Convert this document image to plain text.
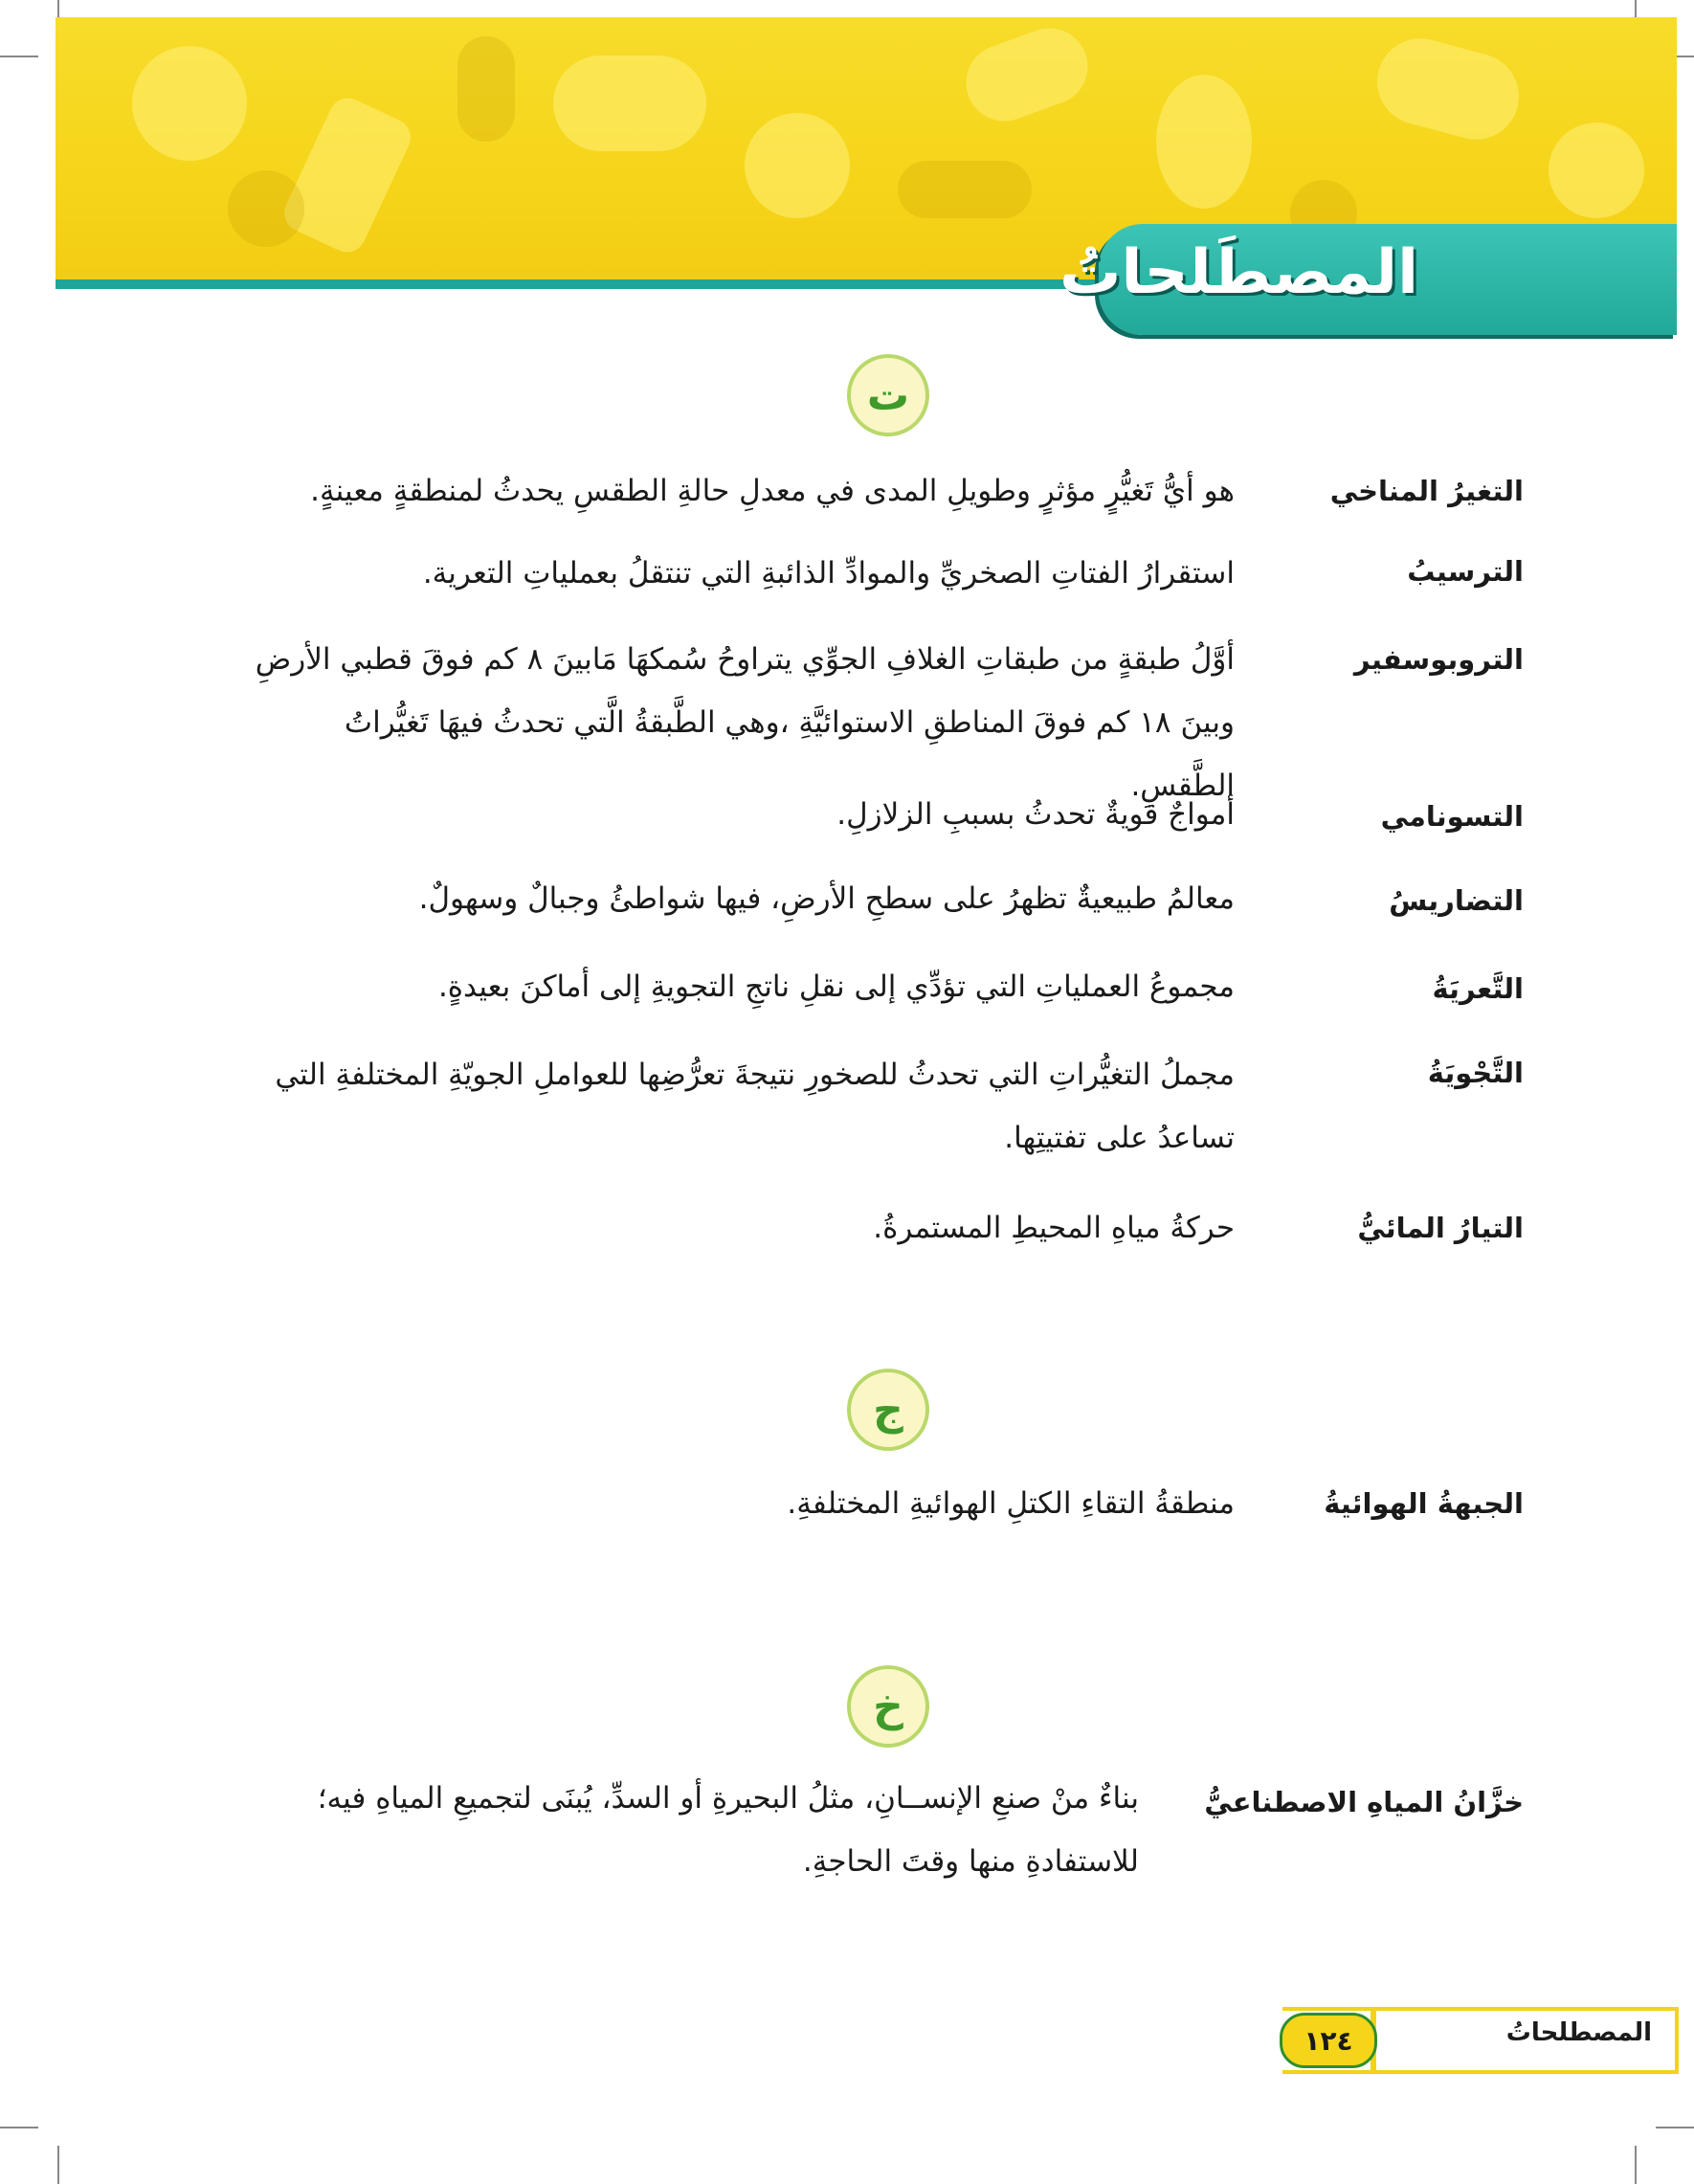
المصطَلحاتُ
ت
التغيرُ المناخي
هو أيُّ تَغيُّرٍ مؤثرٍ وطويلِ المدى في معدلِ حالةِ الطقسِ يحدثُ لمنطقةٍ معينةٍ.
الترسيبُ
استقرارُ الفتاتِ الصخريِّ والموادِّ الذائبةِ التي تنتقلُ بعملياتِ التعرية.
التروبوسفير
أوَّلُ طبقةٍ من طبقاتِ الغلافِ الجوِّي يتراوحُ سُمكهَا مَابينَ ٨ كم فوقَ قطبي الأرضِ وبينَ ١٨ كم فوقَ المناطقِ الاستوائيَّةِ ،وهي الطَّبقةُ الَّتي تحدثُ فيهَا تَغيُّراتُ الطَّقسِ.
التسونامي
أمواجٌ قويةٌ تحدثُ بسببِ الزلازلِ.
التضاريسُ
معالمُ طبيعيةٌ تظهرُ على سطحِ الأرضِ، فيها شواطئُ وجبالٌ وسهولٌ.
التَّعريَةُ
مجموعُ العملياتِ التي تؤدِّي إلى نقلِ ناتجِ التجويةِ إلى أماكنَ بعيدةٍ.
التَّجْويَةُ
مجملُ التغيُّراتِ التي تحدثُ للصخورِ نتيجةَ تعرُّضِها للعواملِ الجويّةِ المختلفةِ التي تساعدُ على تفتيتِها.
التيارُ المائيُّ
حركةُ مياهِ المحيطِ المستمرةُ.
ج
الجبهةُ الهوائيةُ
منطقةُ التقاءِ الكتلِ الهوائيةِ المختلفةِ.
خ
خزَّانُ المياهِ الاصطناعيُّ
بناءٌ منْ صنعِ الإنســانِ، مثلُ البحيرةِ أو السدِّ، يُبنَى لتجميعِ المياهِ فيه؛ للاستفادةِ منها وقتَ الحاجةِ.
المصطلحاتُ
١٢٤
